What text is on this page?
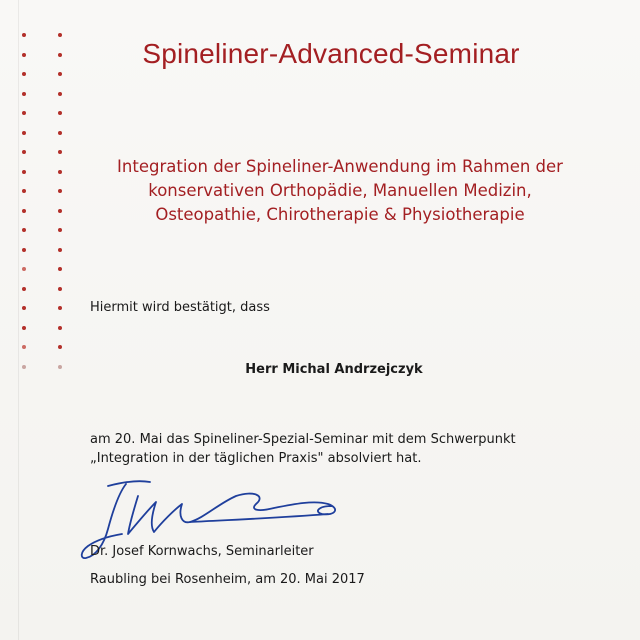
Spineliner-Advanced-Seminar
Integration der Spineliner-Anwendung im Rahmen der
konservativen Orthopädie, Manuellen Medizin,
Osteopathie, Chirotherapie & Physiotherapie
Hiermit wird bestätigt, dass
Herr Michal Andrzejczyk
am 20. Mai das Spineliner-Spezial-Seminar mit dem Schwerpunkt
„Integration in der täglichen Praxis" absolviert hat.
Dr. Josef Kornwachs, Seminarleiter
Raubling bei Rosenheim, am 20. Mai 2017
